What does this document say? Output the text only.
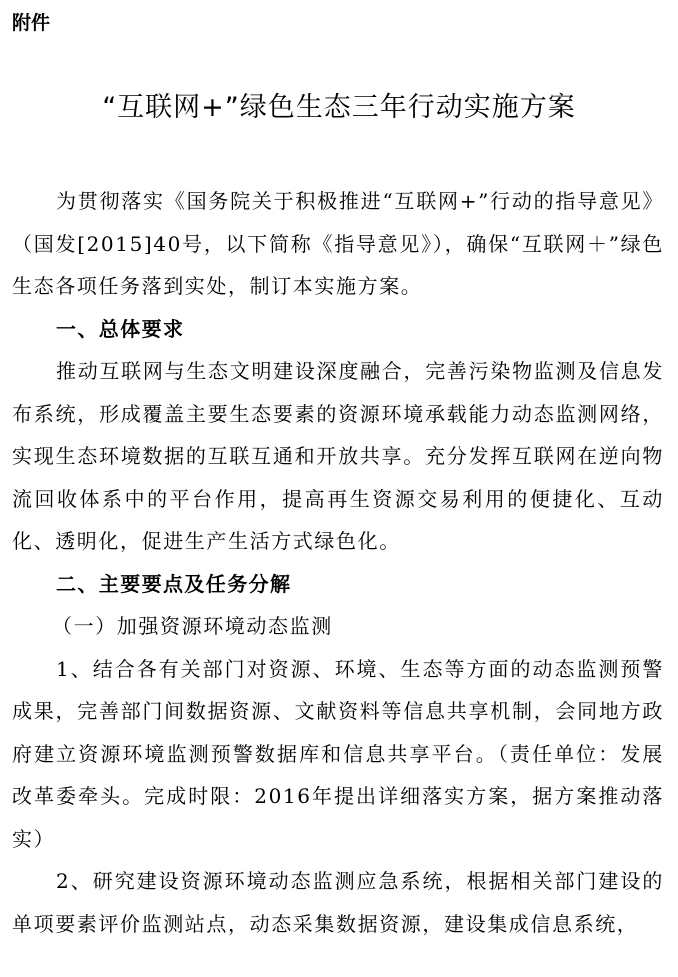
附件
“互联网+”绿色生态三年行动实施方案

为贯彻落实《国务院关于积极推进“互联网+”行动的指导意见》（国发[2015]40号，以下简称《指导意见》），确保“互联网＋”绿色生态各项任务落到实处，制订本实施方案。

一、总体要求

推动互联网与生态文明建设深度融合，完善污染物监测及信息发布系统，形成覆盖主要生态要素的资源环境承载能力动态监测网络，实现生态环境数据的互联互通和开放共享。充分发挥互联网在逆向物流回收体系中的平台作用，提高再生资源交易利用的便捷化、互动化、透明化，促进生产生活方式绿色化。

二、主要要点及任务分解

（一）加强资源环境动态监测

1、结合各有关部门对资源、环境、生态等方面的动态监测预警成果，完善部门间数据资源、文献资料等信息共享机制，会同地方政府建立资源环境监测预警数据库和信息共享平台。（责任单位：发展改革委牵头。完成时限：2016年提出详细落实方案，据方案推动落实）

2、研究建设资源环境动态监测应急系统，根据相关部门建设的单项要素评价监测站点，动态采集数据资源，建设集成信息系统，
